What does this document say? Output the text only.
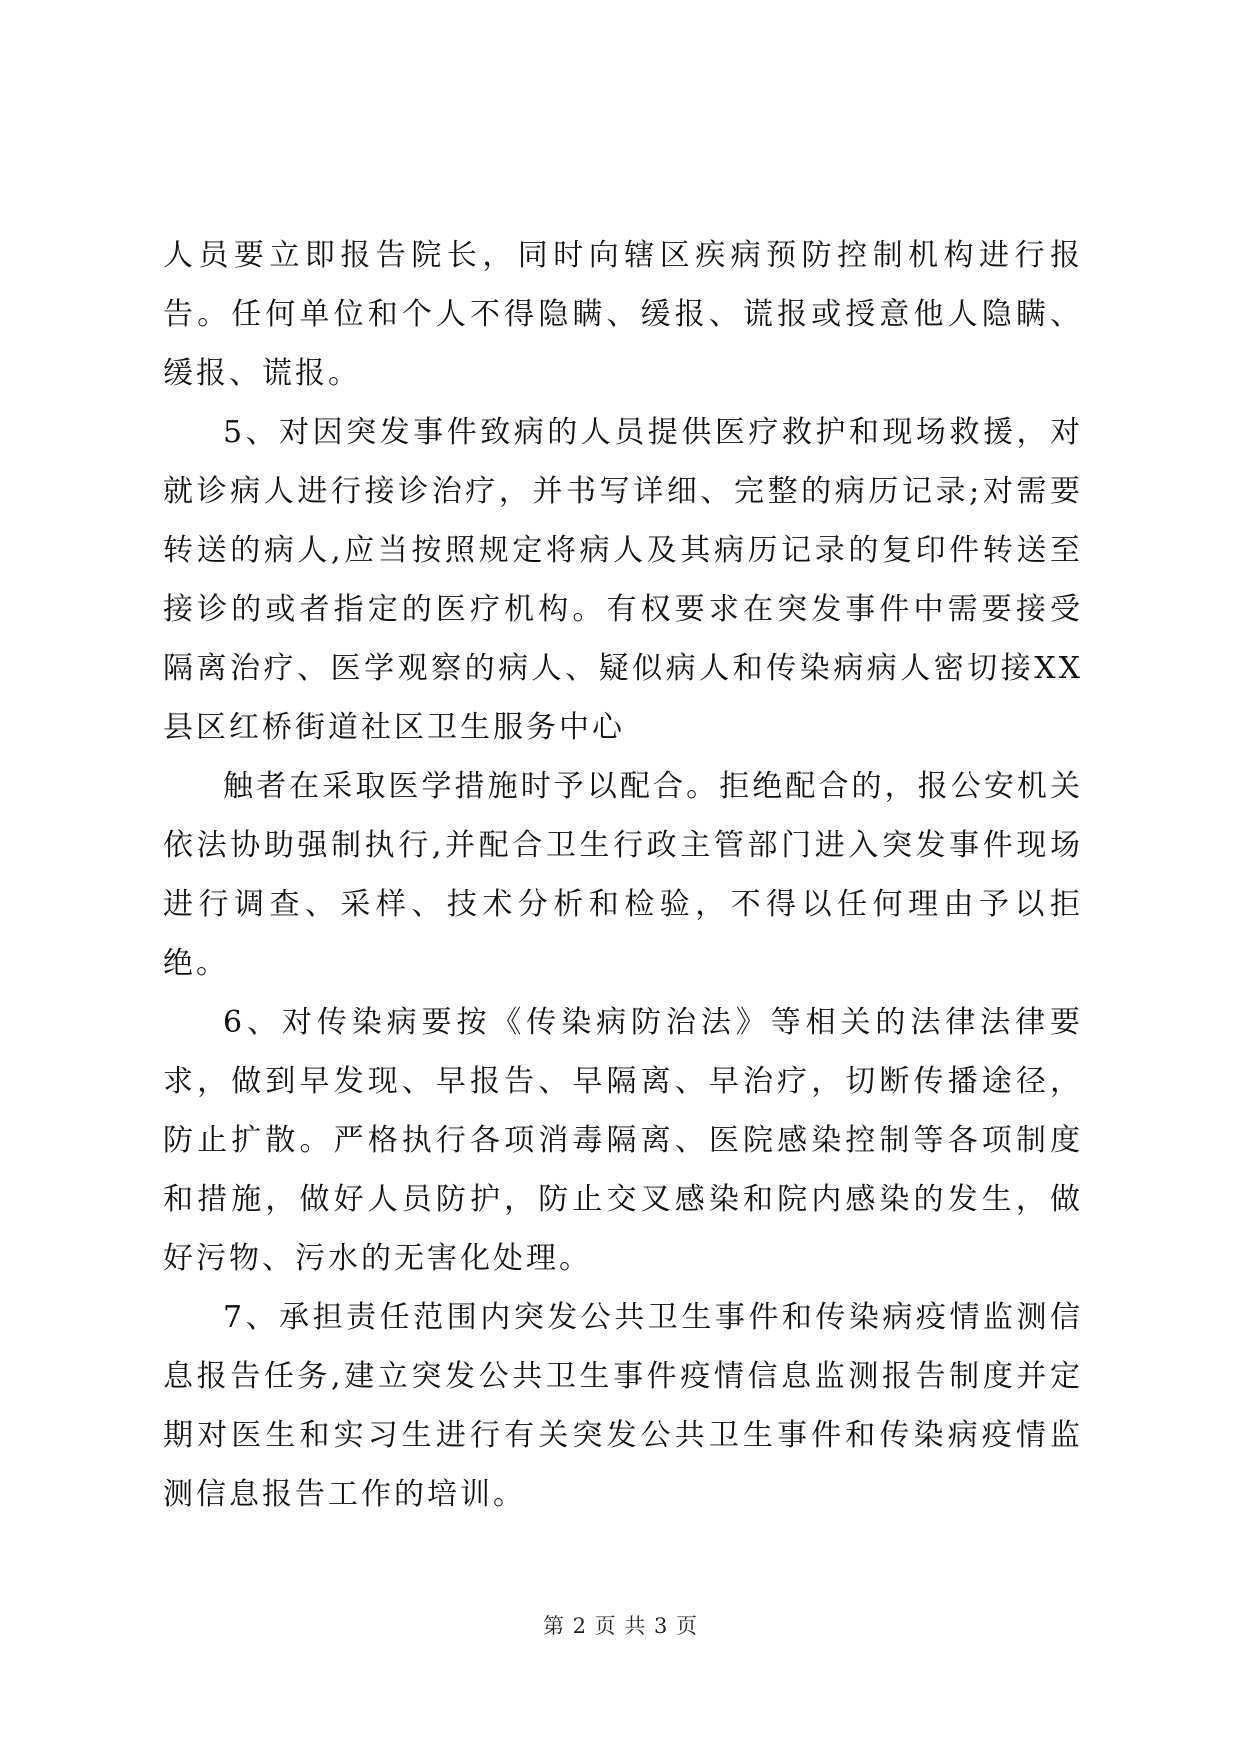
人员要立即报告院长，同时向辖区疾病预防控制机构进行报告。任何单位和个人不得隐瞒、缓报、谎报或授意他人隐瞒、缓报、谎报。

5、对因突发事件致病的人员提供医疗救护和现场救援，对就诊病人进行接诊治疗，并书写详细、完整的病历记录;对需要转送的病人,应当按照规定将病人及其病历记录的复印件转送至接诊的或者指定的医疗机构。有权要求在突发事件中需要接受隔离治疗、医学观察的病人、疑似病人和传染病病人密切接XX县区红桥街道社区卫生服务中心

触者在采取医学措施时予以配合。拒绝配合的，报公安机关依法协助强制执行,并配合卫生行政主管部门进入突发事件现场进行调查、采样、技术分析和检验，不得以任何理由予以拒绝。

6、对传染病要按《传染病防治法》等相关的法律法律要求，做到早发现、早报告、早隔离、早治疗，切断传播途径，防止扩散。严格执行各项消毒隔离、医院感染控制等各项制度和措施，做好人员防护，防止交叉感染和院内感染的发生，做好污物、污水的无害化处理。

7、承担责任范围内突发公共卫生事件和传染病疫情监测信息报告任务,建立突发公共卫生事件疫情信息监测报告制度并定期对医生和实习生进行有关突发公共卫生事件和传染病疫情监测信息报告工作的培训。

第 2 页 共 3 页
